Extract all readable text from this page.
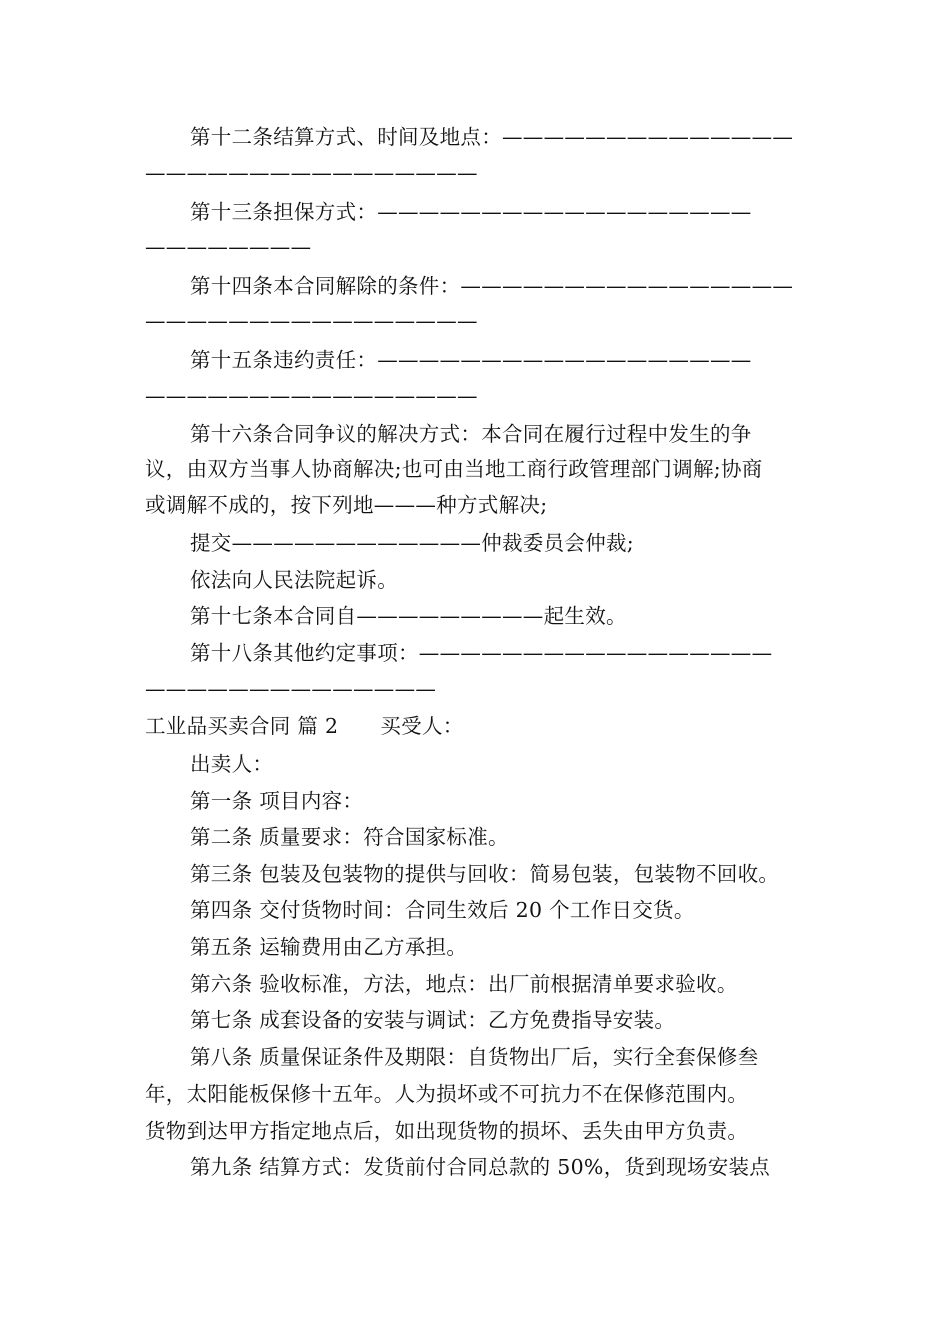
第十二条结算方式、时间及地点：——————————————
————————————————
第十三条担保方式：——————————————————
————————
第十四条本合同解除的条件：————————————————
————————————————
第十五条违约责任：——————————————————
————————————————
第十六条合同争议的解决方式：本合同在履行过程中发生的争
议，由双方当事人协商解决;也可由当地工商行政管理部门调解;协商
或调解不成的，按下列地———种方式解决;
提交————————————仲裁委员会仲裁;
依法向人民法院起诉。
第十七条本合同自—————————起生效。
第十八条其他约定事项：—————————————————
——————————————
工业品买卖合同 篇 2 买受人：
出卖人：
第一条 项目内容：
第二条 质量要求：符合国家标准。
第三条 包装及包装物的提供与回收：简易包装，包装物不回收。
第四条 交付货物时间：合同生效后 20 个工作日交货。
第五条 运输费用由乙方承担。
第六条 验收标准，方法，地点：出厂前根据清单要求验收。
第七条 成套设备的安装与调试：乙方免费指导安装。
第八条 质量保证条件及期限：自货物出厂后，实行全套保修叁
年，太阳能板保修十五年。人为损坏或不可抗力不在保修范围内。
货物到达甲方指定地点后，如出现货物的损坏、丢失由甲方负责。
第九条 结算方式：发货前付合同总款的 50%，货到现场安装点
